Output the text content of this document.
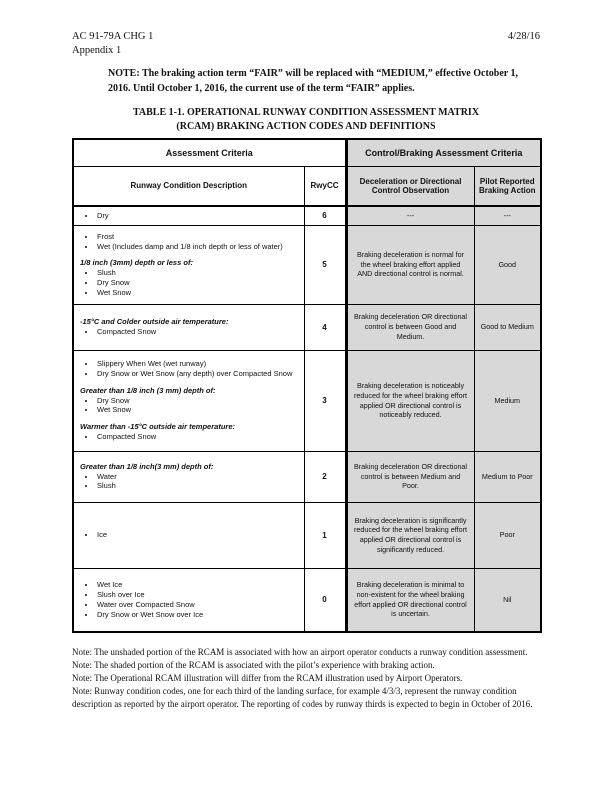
AC 91-79A CHG 1	4/28/16
Appendix 1

NOTE: The braking action term “FAIR” will be replaced with “MEDIUM,” effective October 1, 2016. Until October 1, 2016, the current use of the term “FAIR” applies.

TABLE 1-1. OPERATIONAL RUNWAY CONDITION ASSESSMENT MATRIX
(RCAM) BRAKING ACTION CODES AND DEFINITIONS
Assessment Criteria		Control/Braking Assessment Criteria	
Runway Condition Description	RwyCC	Deceleration or Directional Control Observation	Pilot Reported Braking Action

• Dry	6	---	---

• Frost
• Wet (Includes damp and 1/8 inch depth or less of water)

1/8 inch (3mm) depth or less of:

• Slush
• Dry Snow
• Wet Snow
	5	Braking deceleration is normal for the wheel braking effort applied AND directional control is normal.	Good

-15°C and Colder outside air temperature:

• Compacted Snow	4	Braking deceleration OR directional control is between Good and Medium.	Good to Medium

• Slippery When Wet (wet runway)
• Dry Snow or Wet Snow (any depth) over Compacted Snow

Greater than 1/8 inch (3 mm) depth of:

• Dry Snow
• Wet Snow

Warmer than -15°C outside air temperature:

• Compacted Snow
	3	Braking deceleration is noticeably reduced for the wheel braking effort applied OR directional control is noticeably reduced.	Medium

Greater than 1/8 inch(3 mm) depth of:

• Water
• Slush
	2	Braking deceleration OR directional control is between Medium and Poor.	Medium to Poor

• Ice	1	Braking deceleration is significantly reduced for the wheel braking effort applied OR directional control is significantly reduced.	Poor

• Wet Ice
• Slush over Ice
• Water over Compacted Snow
• Dry Snow or Wet Snow over Ice
	0	Braking deceleration is minimal to non-existent for the wheel braking effort applied OR directional control is uncertain.	Nil

Note: The unshaded portion of the RCAM is associated with how an airport operator conducts a runway condition assessment.

Note: The shaded portion of the RCAM is associated with the pilot’s experience with braking action.

Note: The Operational RCAM illustration will differ from the RCAM illustration used by Airport Operators.

Note: Runway condition codes, one for each third of the landing surface, for example 4/3/3, represent the runway condition description as reported by the airport operator. The reporting of codes by runway thirds is expected to begin in October of 2016.
